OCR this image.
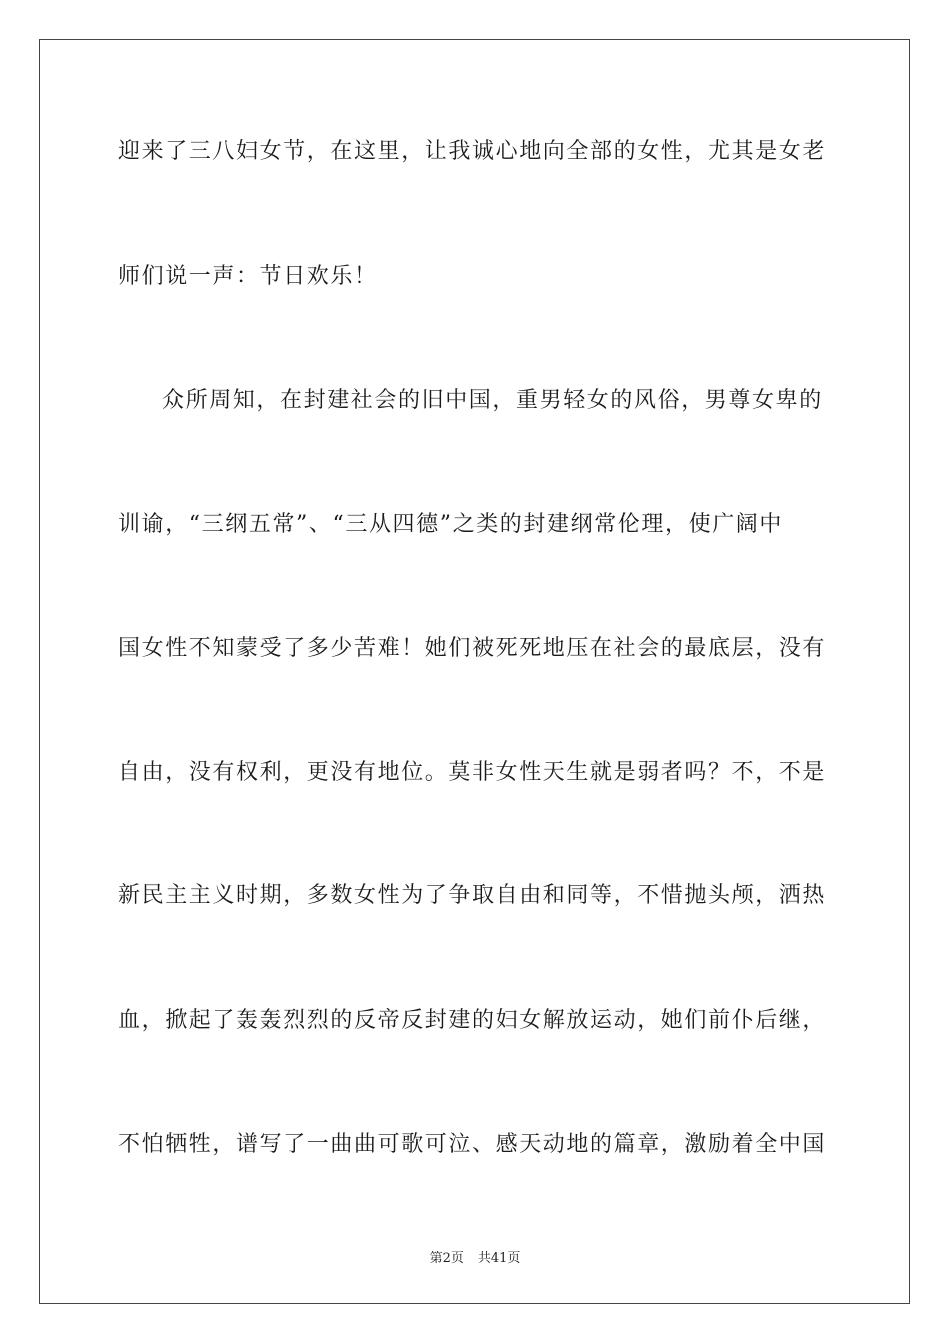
迎来了三八妇女节，在这里，让我诚心地向全部的女性，尤其是女老
师们说一声：节日欢乐！
众所周知，在封建社会的旧中国，重男轻女的风俗，男尊女卑的
训谕，“三纲五常”、“三从四德”之类的封建纲常伦理，使广阔中
国女性不知蒙受了多少苦难！她们被死死地压在社会的最底层，没有
自由，没有权利，更没有地位。莫非女性天生就是弱者吗？不，不是
新民主主义时期，多数女性为了争取自由和同等，不惜抛头颅，洒热
血，掀起了轰轰烈烈的反帝反封建的妇女解放运动，她们前仆后继，
不怕牺牲，谱写了一曲曲可歌可泣、感天动地的篇章，激励着全中国
第2页 共41页
